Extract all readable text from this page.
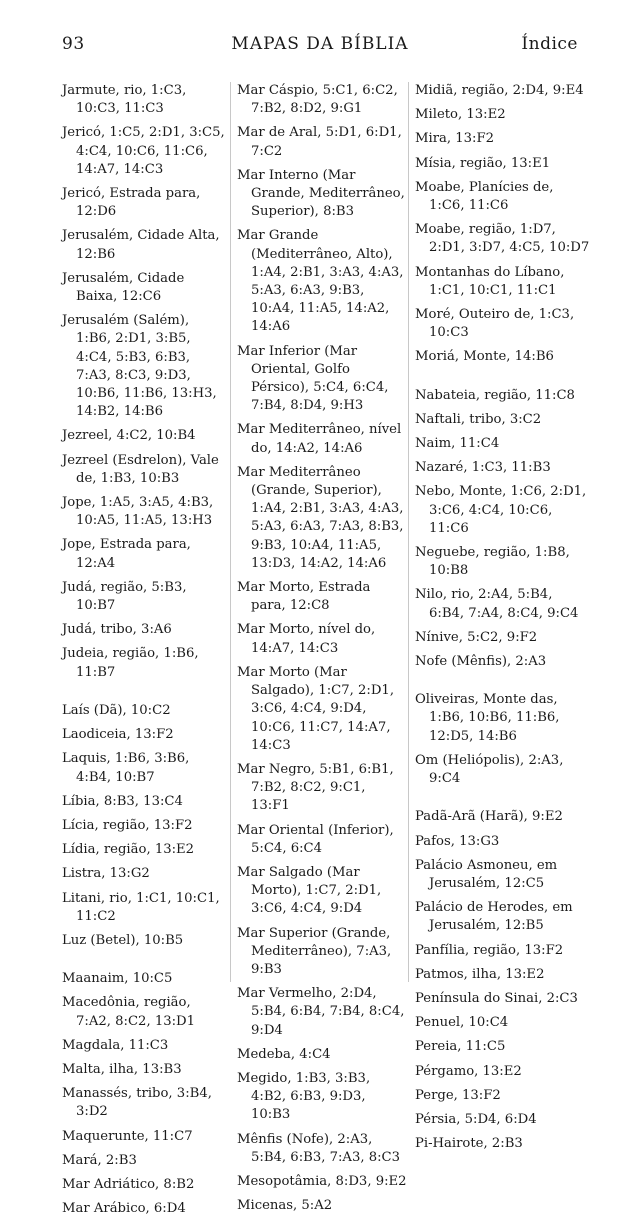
93	MAPAS DA BÍBLIA	Índice
Jarmute, rio, 1:C3, 10:C3, 11:C3
Jericó, 1:C5, 2:D1, 3:C5, 4:C4, 10:C6, 11:C6, 14:A7, 14:C3
Jericó, Estrada para, 12:D6
Jerusalém, Cidade Alta, 12:B6
Jerusalém, Cidade Baixa, 12:C6
Jerusalém (Salém), 1:B6, 2:D1, 3:B5, 4:C4, 5:B3, 6:B3, 7:A3, 8:C3, 9:D3, 10:B6, 11:B6, 13:H3, 14:B2, 14:B6
Jezreel, 4:C2, 10:B4
Jezreel (Esdrelon), Vale de, 1:B3, 10:B3
Jope, 1:A5, 3:A5, 4:B3, 10:A5, 11:A5, 13:H3
Jope, Estrada para, 12:A4
Judá, região, 5:B3, 10:B7
Judá, tribo, 3:A6
Judeia, região, 1:B6, 11:B7
Laís (Dã), 10:C2
Laodiceia, 13:F2
Laquis, 1:B6, 3:B6, 4:B4, 10:B7
Líbia, 8:B3, 13:C4
Lícia, região, 13:F2
Lídia, região, 13:E2
Listra, 13:G2
Litani, rio, 1:C1, 10:C1, 11:C2
Luz (Betel), 10:B5
Maanaim, 10:C5
Macedônia, região, 7:A2, 8:C2, 13:D1
Magdala, 11:C3
Malta, ilha, 13:B3
Manassés, tribo, 3:B4, 3:D2
Maquerunte, 11:C7
Mará, 2:B3
Mar Adriático, 8:B2
Mar Arábico, 6:D4
Mar Cáspio, 5:C1, 6:C2, 7:B2, 8:D2, 9:G1
Mar de Aral, 5:D1, 6:D1, 7:C2
Mar Interno (Mar Grande, Mediterrâneo, Superior), 8:B3
Mar Grande (Mediterrâneo, Alto), 1:A4, 2:B1, 3:A3, 4:A3, 5:A3, 6:A3, 9:B3, 10:A4, 11:A5, 14:A2, 14:A6
Mar Inferior (Mar Oriental, Golfo Pérsico), 5:C4, 6:C4, 7:B4, 8:D4, 9:H3
Mar Mediterrâneo, nível do, 14:A2, 14:A6
Mar Mediterrâneo (Grande, Superior), 1:A4, 2:B1, 3:A3, 4:A3, 5:A3, 6:A3, 7:A3, 8:B3, 9:B3, 10:A4, 11:A5, 13:D3, 14:A2, 14:A6
Mar Morto, Estrada para, 12:C8
Mar Morto, nível do, 14:A7, 14:C3
Mar Morto (Mar Salgado), 1:C7, 2:D1, 3:C6, 4:C4, 9:D4, 10:C6, 11:C7, 14:A7, 14:C3
Mar Negro, 5:B1, 6:B1, 7:B2, 8:C2, 9:C1, 13:F1
Mar Oriental (Inferior), 5:C4, 6:C4
Mar Salgado (Mar Morto), 1:C7, 2:D1, 3:C6, 4:C4, 9:D4
Mar Superior (Grande, Mediterrâneo), 7:A3, 9:B3
Mar Vermelho, 2:D4, 5:B4, 6:B4, 7:B4, 8:C4, 9:D4
Medeba, 4:C4
Megido, 1:B3, 3:B3, 4:B2, 6:B3, 9:D3, 10:B3
Mênfis (Nofe), 2:A3, 5:B4, 6:B3, 7:A3, 8:C3
Mesopotâmia, 8:D3, 9:E2
Micenas, 5:A2
Midiã, região, 2:D4, 9:E4
Mileto, 13:E2
Mira, 13:F2
Mísia, região, 13:E1
Moabe, Planícies de, 1:C6, 11:C6
Moabe, região, 1:D7, 2:D1, 3:D7, 4:C5, 10:D7
Montanhas do Líbano, 1:C1, 10:C1, 11:C1
Moré, Outeiro de, 1:C3, 10:C3
Moriá, Monte, 14:B6
Nabateia, região, 11:C8
Naftali, tribo, 3:C2
Naim, 11:C4
Nazaré, 1:C3, 11:B3
Nebo, Monte, 1:C6, 2:D1, 3:C6, 4:C4, 10:C6, 11:C6
Neguebe, região, 1:B8, 10:B8
Nilo, rio, 2:A4, 5:B4, 6:B4, 7:A4, 8:C4, 9:C4
Nínive, 5:C2, 9:F2
Nofe (Mênfis), 2:A3
Oliveiras, Monte das, 1:B6, 10:B6, 11:B6, 12:D5, 14:B6
Om (Heliópolis), 2:A3, 9:C4
Padã-Arã (Harã), 9:E2
Pafos, 13:G3
Palácio Asmoneu, em Jerusalém, 12:C5
Palácio de Herodes, em Jerusalém, 12:B5
Panfília, região, 13:F2
Patmos, ilha, 13:E2
Península do Sinai, 2:C3
Penuel, 10:C4
Pereia, 11:C5
Pérgamo, 13:E2
Perge, 13:F2
Pérsia, 5:D4, 6:D4
Pi-Hairote, 2:B3
